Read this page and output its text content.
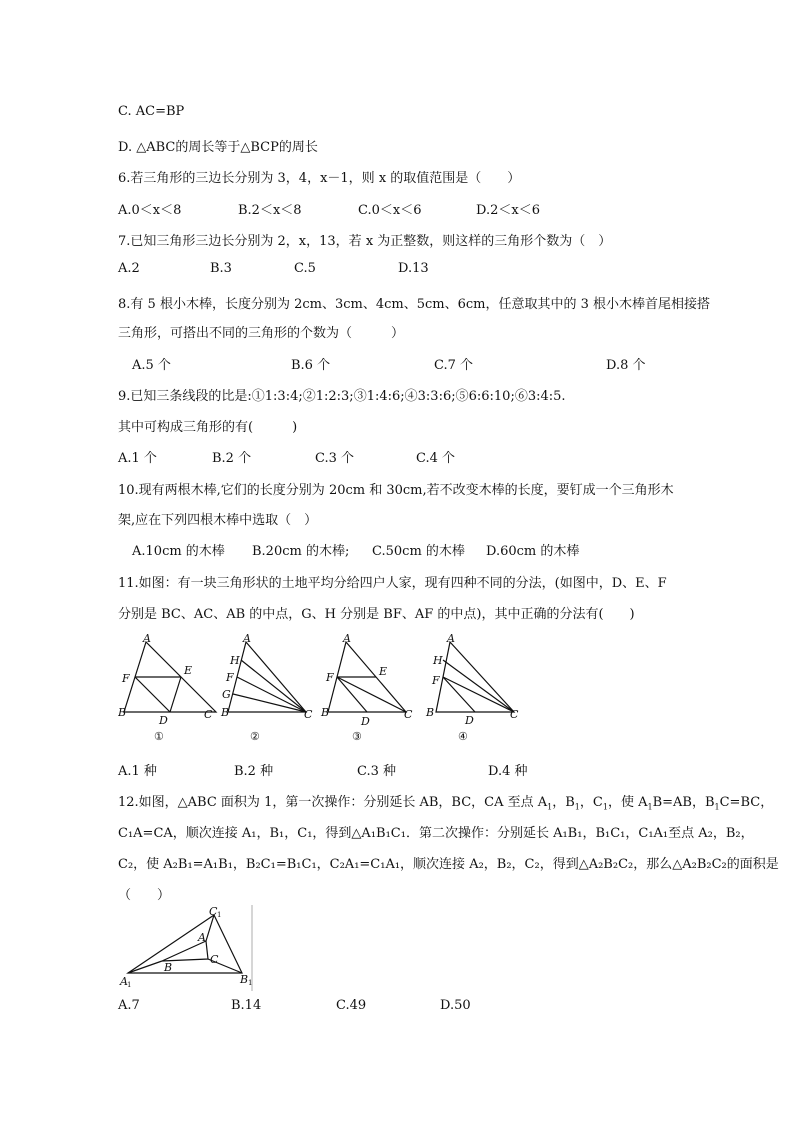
C. AC=BP
D. △ABC的周长等于△BCP的周长
6.若三角形的三边长分别为 3，4，x－1，则 x 的取值范围是（　　）
A.0＜x＜8	B.2＜x＜8	C.0＜x＜6	D.2＜x＜6
7.已知三角形三边长分别为 2，x，13，若 x 为正整数，则这样的三角形个数为（　）
A.2	B.3	C.5	D.13
8.有 5 根小木棒，长度分别为 2cm、3cm、4cm、5cm、6cm，任意取其中的 3 根小木棒首尾相接搭
三角形，可搭出不同的三角形的个数为（　　　）
A.5 个	B.6 个	C.7 个	D.8 个
9.已知三条线段的比是:①1:3:4;②1:2:3;③1:4:6;④3:3:6;⑤6:6:10;⑥3:4:5.
其中可构成三角形的有(　　　)
A.1 个	B.2 个	C.3 个	C.4 个
10.现有两根木棒,它们的长度分别为 20cm 和 30cm,若不改变木棒的长度，要钉成一个三角形木
架,应在下列四根木棒中选取（　）
A.10cm 的木棒 B.20cm 的木棒; C.50cm 的木棒 D.60cm 的木棒
11.如图：有一块三角形状的土地平均分给四户人家，现有四种不同的分法，(如图中，D、E、F
分别是 BC、AC、AB 的中点，G、H 分别是 BF、AF 的中点)，其中正确的分法有(　　)
A
F
E
B	C
D
①
A
H
F
G
B	C
②
A
F	E
B	C
D
③
A
H
F
B	C
D
④
A.1 种	B.2 种	C.3 种	D.4 种
12.如图，△ABC 面积为 1，第一次操作：分别延长 AB，BC，CA 至点 $A_1$，$B_1$，$C_1$，使 $A_1B=AB$，$B_1C=BC$，
C₁A=CA，顺次连接 A₁，B₁，C₁，得到△A₁B₁C₁．第二次操作：分别延长 A₁B₁，B₁C₁，C₁A₁至点 A₂，B₂，
C₂，使 A₂B₁=A₁B₁，B₂C₁=B₁C₁，C₂A₁=C₁A₁，顺次连接 A₂，B₂，C₂，得到△A₂B₂C₂，那么△A₂B₂C₂的面积是
（　　）
C 1
A
B
C
A 1	B 1
A.7	B.14	C.49	D.50
